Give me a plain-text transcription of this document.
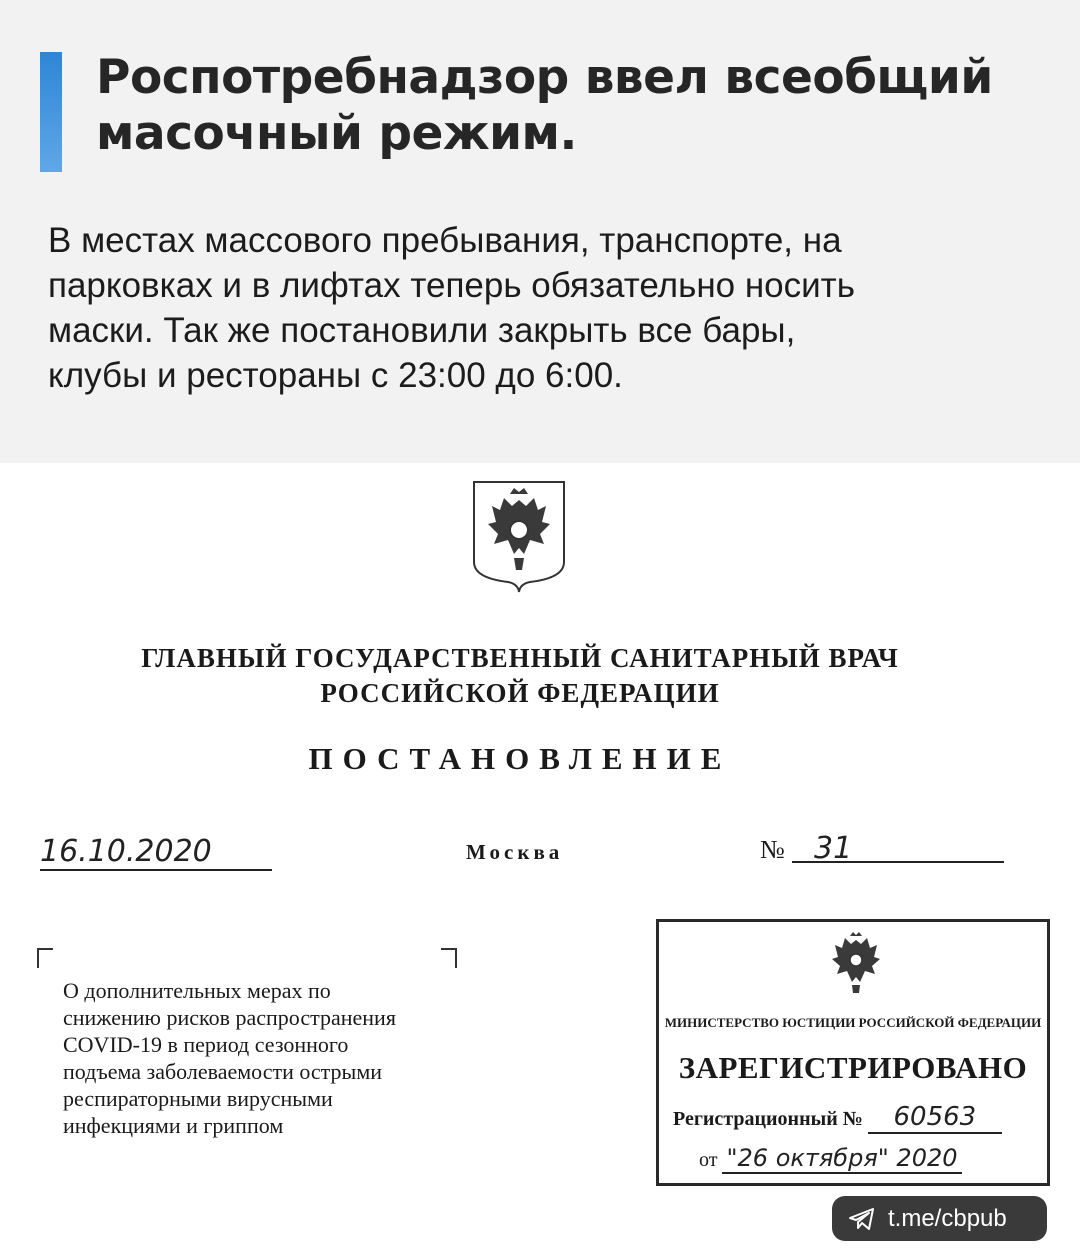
Роспотребнадзор ввел всеобщий масочный режим.
В местах массового пребывания, транспорте, на
парковках и в лифтах теперь обязательно носить
маски. Так же постановили закрыть все бары,
клубы и рестораны с 23:00 до 6:00.
ГЛАВНЫЙ ГОСУДАРСТВЕННЫЙ САНИТАРНЫЙ ВРАЧ
РОССИЙСКОЙ ФЕДЕРАЦИИ
ПОСТАНОВЛЕНИЕ
16.10.2020	Москва	№ 31
О дополнительных мерах по
снижению рисков распространения
COVID-19 в период сезонного
подъема заболеваемости острыми
респираторными вирусными
инфекциями и гриппом
МИНИСТЕРСТВО ЮСТИЦИИ РОССИЙСКОЙ ФЕДЕРАЦИИ
ЗАРЕГИСТРИРОВАНО
Регистрационный № 60563
от "26 октября" 2020
t.me/cbpub
